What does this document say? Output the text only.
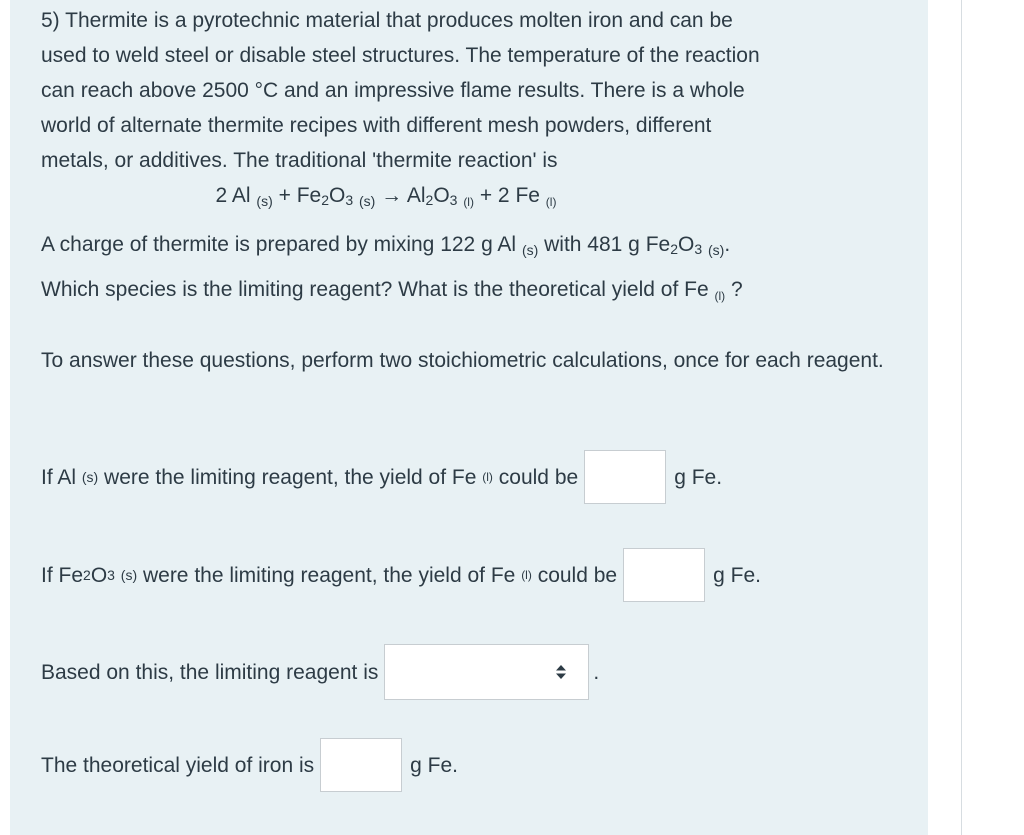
5) Thermite is a pyrotechnic material that produces molten iron and can be
used to weld steel or disable steel structures. The temperature of the reaction
can reach above 2500 °C and an impressive flame results. There is a whole
world of alternate thermite recipes with different mesh powders, different
metals, or additives. The traditional 'thermite reaction' is
2 Al $(s) + Fe_2O_3$ $(s) \to Al_2O_3$ (l) + 2 Fe (l)
A charge of thermite is prepared by mixing 122 g Al (s) with 481 g $Fe_2O_3$ (s).
Which species is the limiting reagent? What is the theoretical yield of Fe (l) ?
To answer these questions, perform two stoichiometric calculations, once for each reagent.
If Al
(s)
were the limiting reagent, the yield of Fe
(l)
could be	g Fe.
If Fe 2 O 3
(s)
were the limiting reagent, the yield of Fe
(l)
could be	g Fe.
Based on this, the limiting reagent is	.
The theoretical yield of iron is	g Fe.
